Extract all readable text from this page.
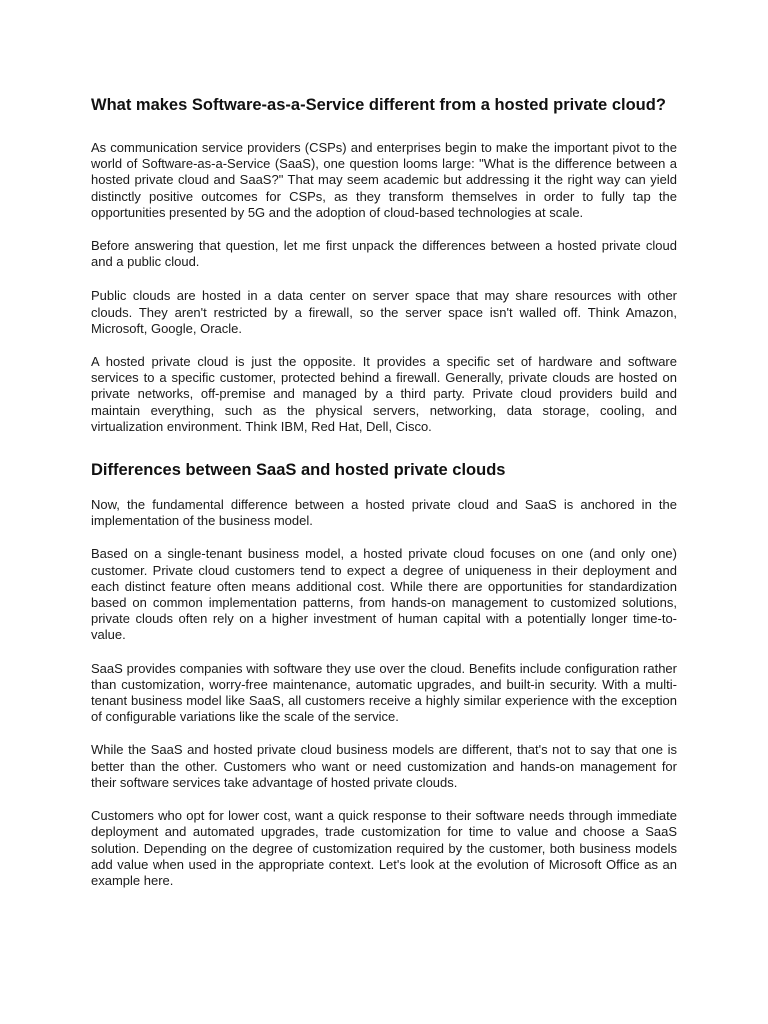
What makes Software-as-a-Service different from a hosted private cloud?

As communication service providers (CSPs) and enterprises begin to make the important pivot to the world of Software-as-a-Service (SaaS), one question looms large: "What is the difference between a hosted private cloud and SaaS?" That may seem academic but addressing it the right way can yield distinctly positive outcomes for CSPs, as they transform themselves in order to fully tap the opportunities presented by 5G and the adoption of cloud-based technologies at scale.

Before answering that question, let me first unpack the differences between a hosted private cloud and a public cloud.

Public clouds are hosted in a data center on server space that may share resources with other clouds. They aren't restricted by a firewall, so the server space isn't walled off. Think Amazon, Microsoft, Google, Oracle.

A hosted private cloud is just the opposite. It provides a specific set of hardware and software services to a specific customer, protected behind a firewall. Generally, private clouds are hosted on private networks, off-premise and managed by a third party. Private cloud providers build and maintain everything, such as the physical servers, networking, data storage, cooling, and virtualization environment. Think IBM, Red Hat, Dell, Cisco.

Differences between SaaS and hosted private clouds

Now, the fundamental difference between a hosted private cloud and SaaS is anchored in the implementation of the business model.

Based on a single-tenant business model, a hosted private cloud focuses on one (and only one) customer. Private cloud customers tend to expect a degree of uniqueness in their deployment and each distinct feature often means additional cost. While there are opportunities for standardization based on common implementation patterns, from hands-on management to customized solutions, private clouds often rely on a higher investment of human capital with a potentially longer time-to-value.

SaaS provides companies with software they use over the cloud. Benefits include configuration rather than customization, worry-free maintenance, automatic upgrades, and built-in security. With a multi-tenant business model like SaaS, all customers receive a highly similar experience with the exception of configurable variations like the scale of the service.

While the SaaS and hosted private cloud business models are different, that's not to say that one is better than the other. Customers who want or need customization and hands-on management for their software services take advantage of hosted private clouds.

Customers who opt for lower cost, want a quick response to their software needs through immediate deployment and automated upgrades, trade customization for time to value and choose a SaaS solution. Depending on the degree of customization required by the customer, both business models add value when used in the appropriate context. Let's look at the evolution of Microsoft Office as an example here.
